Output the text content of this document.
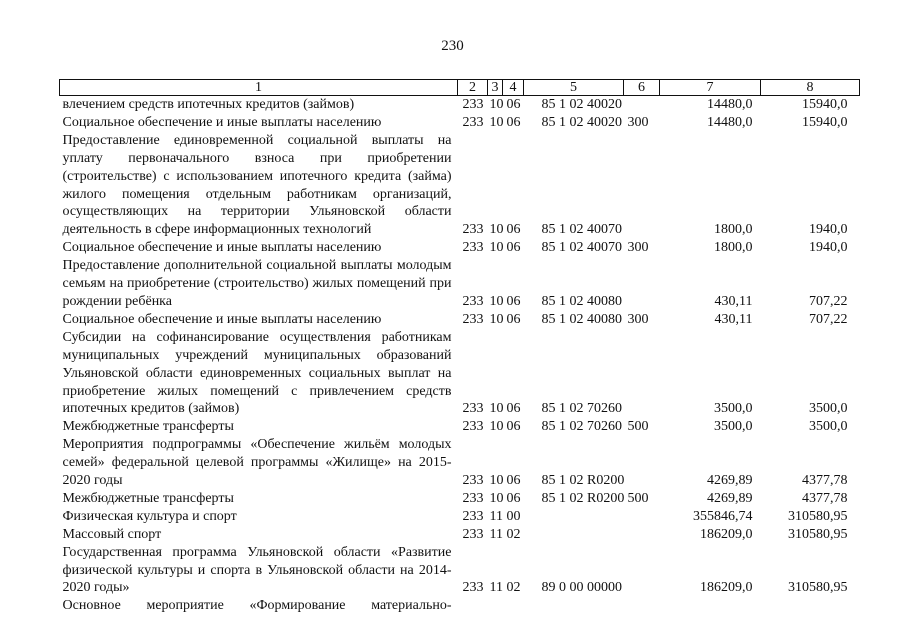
230
1	2	3	4	5	6	7	8
влечением средств ипотечных кредитов (займов)	233	10	06	85 1 02 40020		14480,0	15940,0
Социальное обеспечение и иные выплаты населению	233	10	06	85 1 02 40020	300	14480,0	15940,0
Предоставление единовременной социальной выплаты на уплату первоначального взноса при приобретении (строительстве) с использованием ипотечного кредита (займа) жилого помещения отдельным работникам организаций, осуществляющих на территории Ульяновской области деятельность в сфере информационных технологий	233	10	06	85 1 02 40070		1800,0	1940,0
Социальное обеспечение и иные выплаты населению	233	10	06	85 1 02 40070	300	1800,0	1940,0
Предоставление дополнительной социальной выплаты молодым семьям на приобретение (строительство) жилых помещений при рождении ребёнка	233	10	06	85 1 02 40080		430,11	707,22
Социальное обеспечение и иные выплаты населению	233	10	06	85 1 02 40080	300	430,11	707,22
Субсидии на софинансирование осуществления работникам муниципальных учреждений муниципальных образований Ульяновской области единовременных социальных выплат на приобретение жилых помещений с привлечением средств ипотечных кредитов (займов)	233	10	06	85 1 02 70260		3500,0	3500,0
Межбюджетные трансферты	233	10	06	85 1 02 70260	500	3500,0	3500,0
Мероприятия подпрограммы «Обеспечение жильём молодых семей» федеральной целевой программы «Жилище» на 2015-2020 годы	233	10	06	85 1 02 R0200		4269,89	4377,78
Межбюджетные трансферты	233	10	06	85 1 02 R0200	500	4269,89	4377,78
Физическая культура и спорт	233	11	00			355846,74	310580,95
Массовый спорт	233	11	02			186209,0	310580,95
Государственная программа Ульяновской области «Развитие физической культуры и спорта в Ульяновской области на 2014-2020 годы»	233	11	02	89 0 00 00000		186209,0	310580,95
Основное мероприятие «Формирование материально-							
